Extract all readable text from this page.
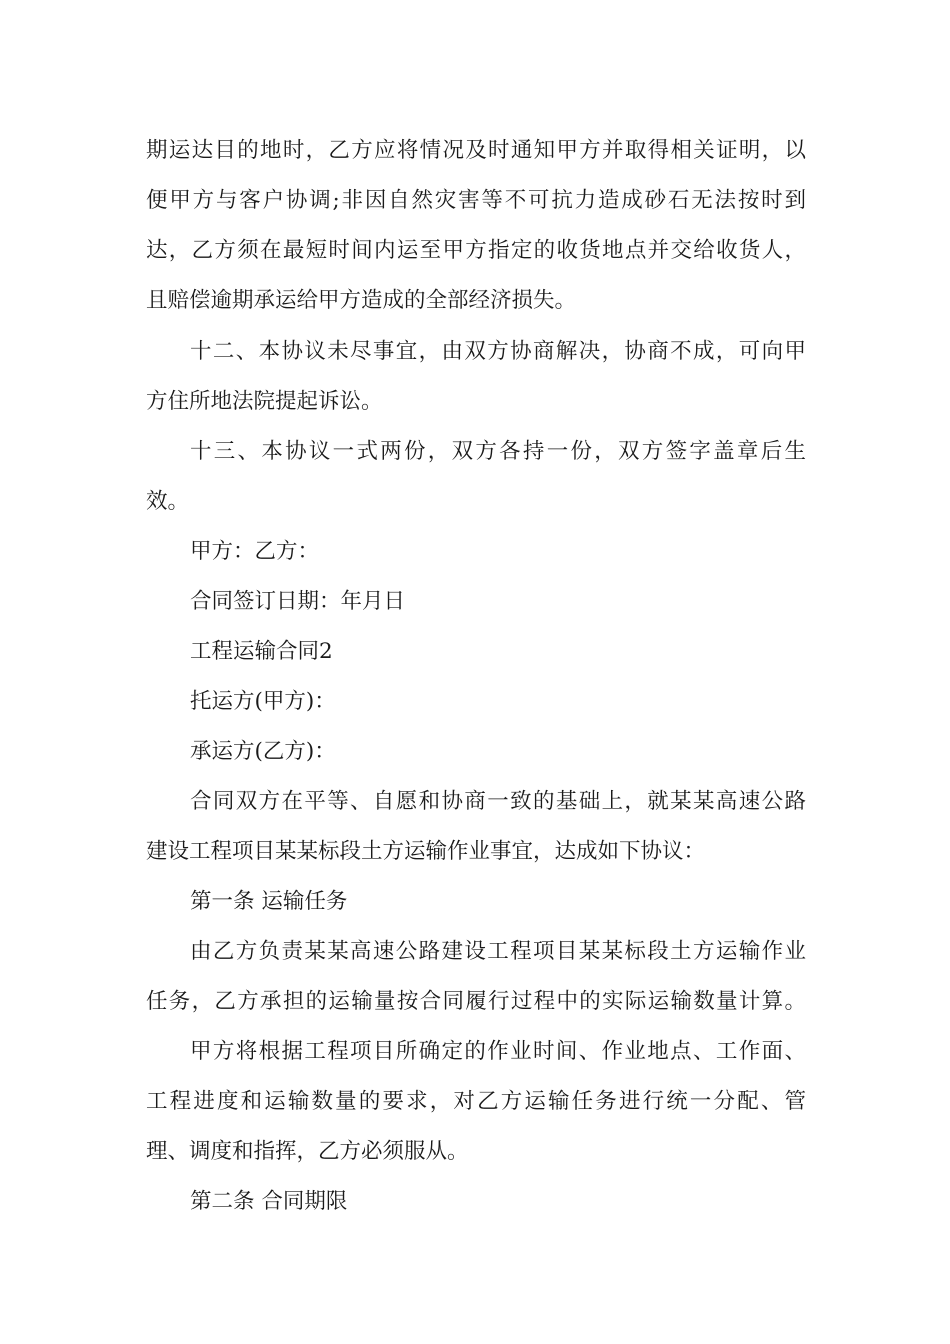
期运达目的地时，乙方应将情况及时通知甲方并取得相关证明，以
便甲方与客户协调;非因自然灾害等不可抗力造成砂石无法按时到
达，乙方须在最短时间内运至甲方指定的收货地点并交给收货人，
且赔偿逾期承运给甲方造成的全部经济损失。
十二、本协议未尽事宜，由双方协商解决，协商不成，可向甲
方住所地法院提起诉讼。
十三、本协议一式两份，双方各持一份，双方签字盖章后生
效。
甲方：乙方：
合同签订日期：年月日
工程运输合同2
托运方(甲方)：
承运方(乙方)：
合同双方在平等、自愿和协商一致的基础上，就某某高速公路
建设工程项目某某标段土方运输作业事宜，达成如下协议：
第一条 运输任务
由乙方负责某某高速公路建设工程项目某某标段土方运输作业
任务，乙方承担的运输量按合同履行过程中的实际运输数量计算。
甲方将根据工程项目所确定的作业时间、作业地点、工作面、
工程进度和运输数量的要求，对乙方运输任务进行统一分配、管
理、调度和指挥，乙方必须服从。
第二条 合同期限
